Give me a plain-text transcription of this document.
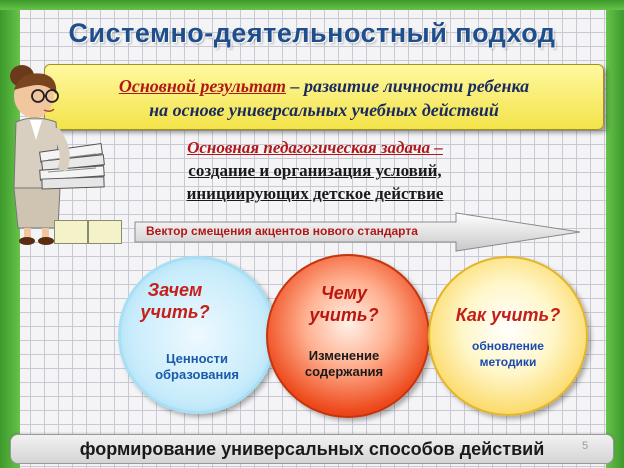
Системно-деятельностный подход
Основной результат – развитие личности ребенка
на основе универсальных учебных действий
Основная педагогическая задача –
создание и организация условий,
инициирующих детское действие
Вектор смещения акцентов нового стандарта
Зачем учить?
Ценности
образования
Чему
учить?
Изменение
содержания
Как учить?
обновление
методики
формирование универсальных способов действий	5
